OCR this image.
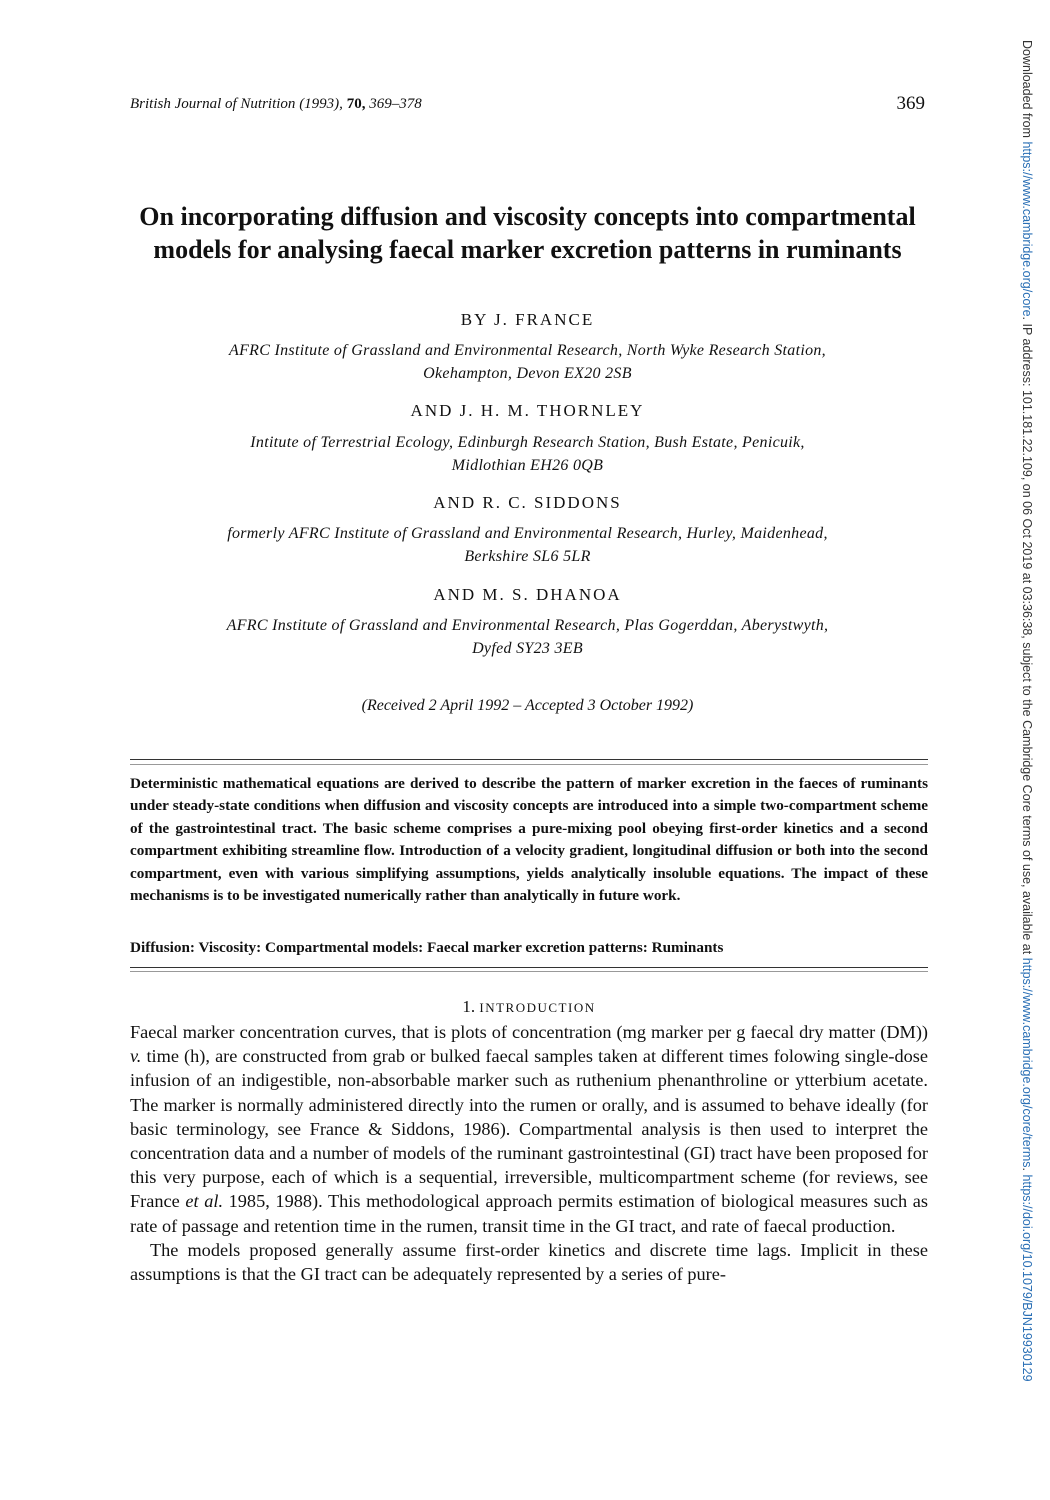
British Journal of Nutrition (1993), 70, 369–378	369
On incorporating diffusion and viscosity concepts into compartmental models for analysing faecal marker excretion patterns in ruminants
BY J. FRANCE
AFRC Institute of Grassland and Environmental Research, North Wyke Research Station,
Okehampton, Devon EX20 2SB
AND J. H. M. THORNLEY
Intitute of Terrestrial Ecology, Edinburgh Research Station, Bush Estate, Penicuik,
Midlothian EH26 0QB
AND R. C. SIDDONS
formerly AFRC Institute of Grassland and Environmental Research, Hurley, Maidenhead,
Berkshire SL6 5LR
AND M. S. DHANOA
AFRC Institute of Grassland and Environmental Research, Plas Gogerddan, Aberystwyth,
Dyfed SY23 3EB
(Received 2 April 1992 – Accepted 3 October 1992)
Deterministic mathematical equations are derived to describe the pattern of marker excretion in the faeces of ruminants under steady-state conditions when diffusion and viscosity concepts are introduced into a simple two-compartment scheme of the gastrointestinal tract. The basic scheme comprises a pure-mixing pool obeying first-order kinetics and a second compartment exhibiting streamline flow. Introduction of a velocity gradient, longitudinal diffusion or both into the second compartment, even with various simplifying assumptions, yields analytically insoluble equations. The impact of these mechanisms is to be investigated numerically rather than analytically in future work.
Diffusion: Viscosity: Compartmental models: Faecal marker excretion patterns: Ruminants
1. INTRODUCTION

Faecal marker concentration curves, that is plots of concentration (mg marker per g faecal dry matter (DM)) v. time (h), are constructed from grab or bulked faecal samples taken at different times folowing single-dose infusion of an indigestible, non-absorbable marker such as ruthenium phenanthroline or ytterbium acetate. The marker is normally administered directly into the rumen or orally, and is assumed to behave ideally (for basic terminology, see France & Siddons, 1986). Compartmental analysis is then used to interpret the concentration data and a number of models of the ruminant gastrointestinal (GI) tract have been proposed for this very purpose, each of which is a sequential, irreversible, multicompartment scheme (for reviews, see France et al. 1985, 1988). This methodological approach permits estimation of biological measures such as rate of passage and retention time in the rumen, transit time in the GI tract, and rate of faecal production.

The models proposed generally assume first-order kinetics and discrete time lags. Implicit in these assumptions is that the GI tract can be adequately represented by a series of pure-

Downloaded from https://www.cambridge.org/core. IP address: 101.181.22.109, on 06 Oct 2019 at 03:36:38, subject to the Cambridge Core terms of use, available at https://www.cambridge.org/core/terms. https://doi.org/10.1079/BJN19930129
